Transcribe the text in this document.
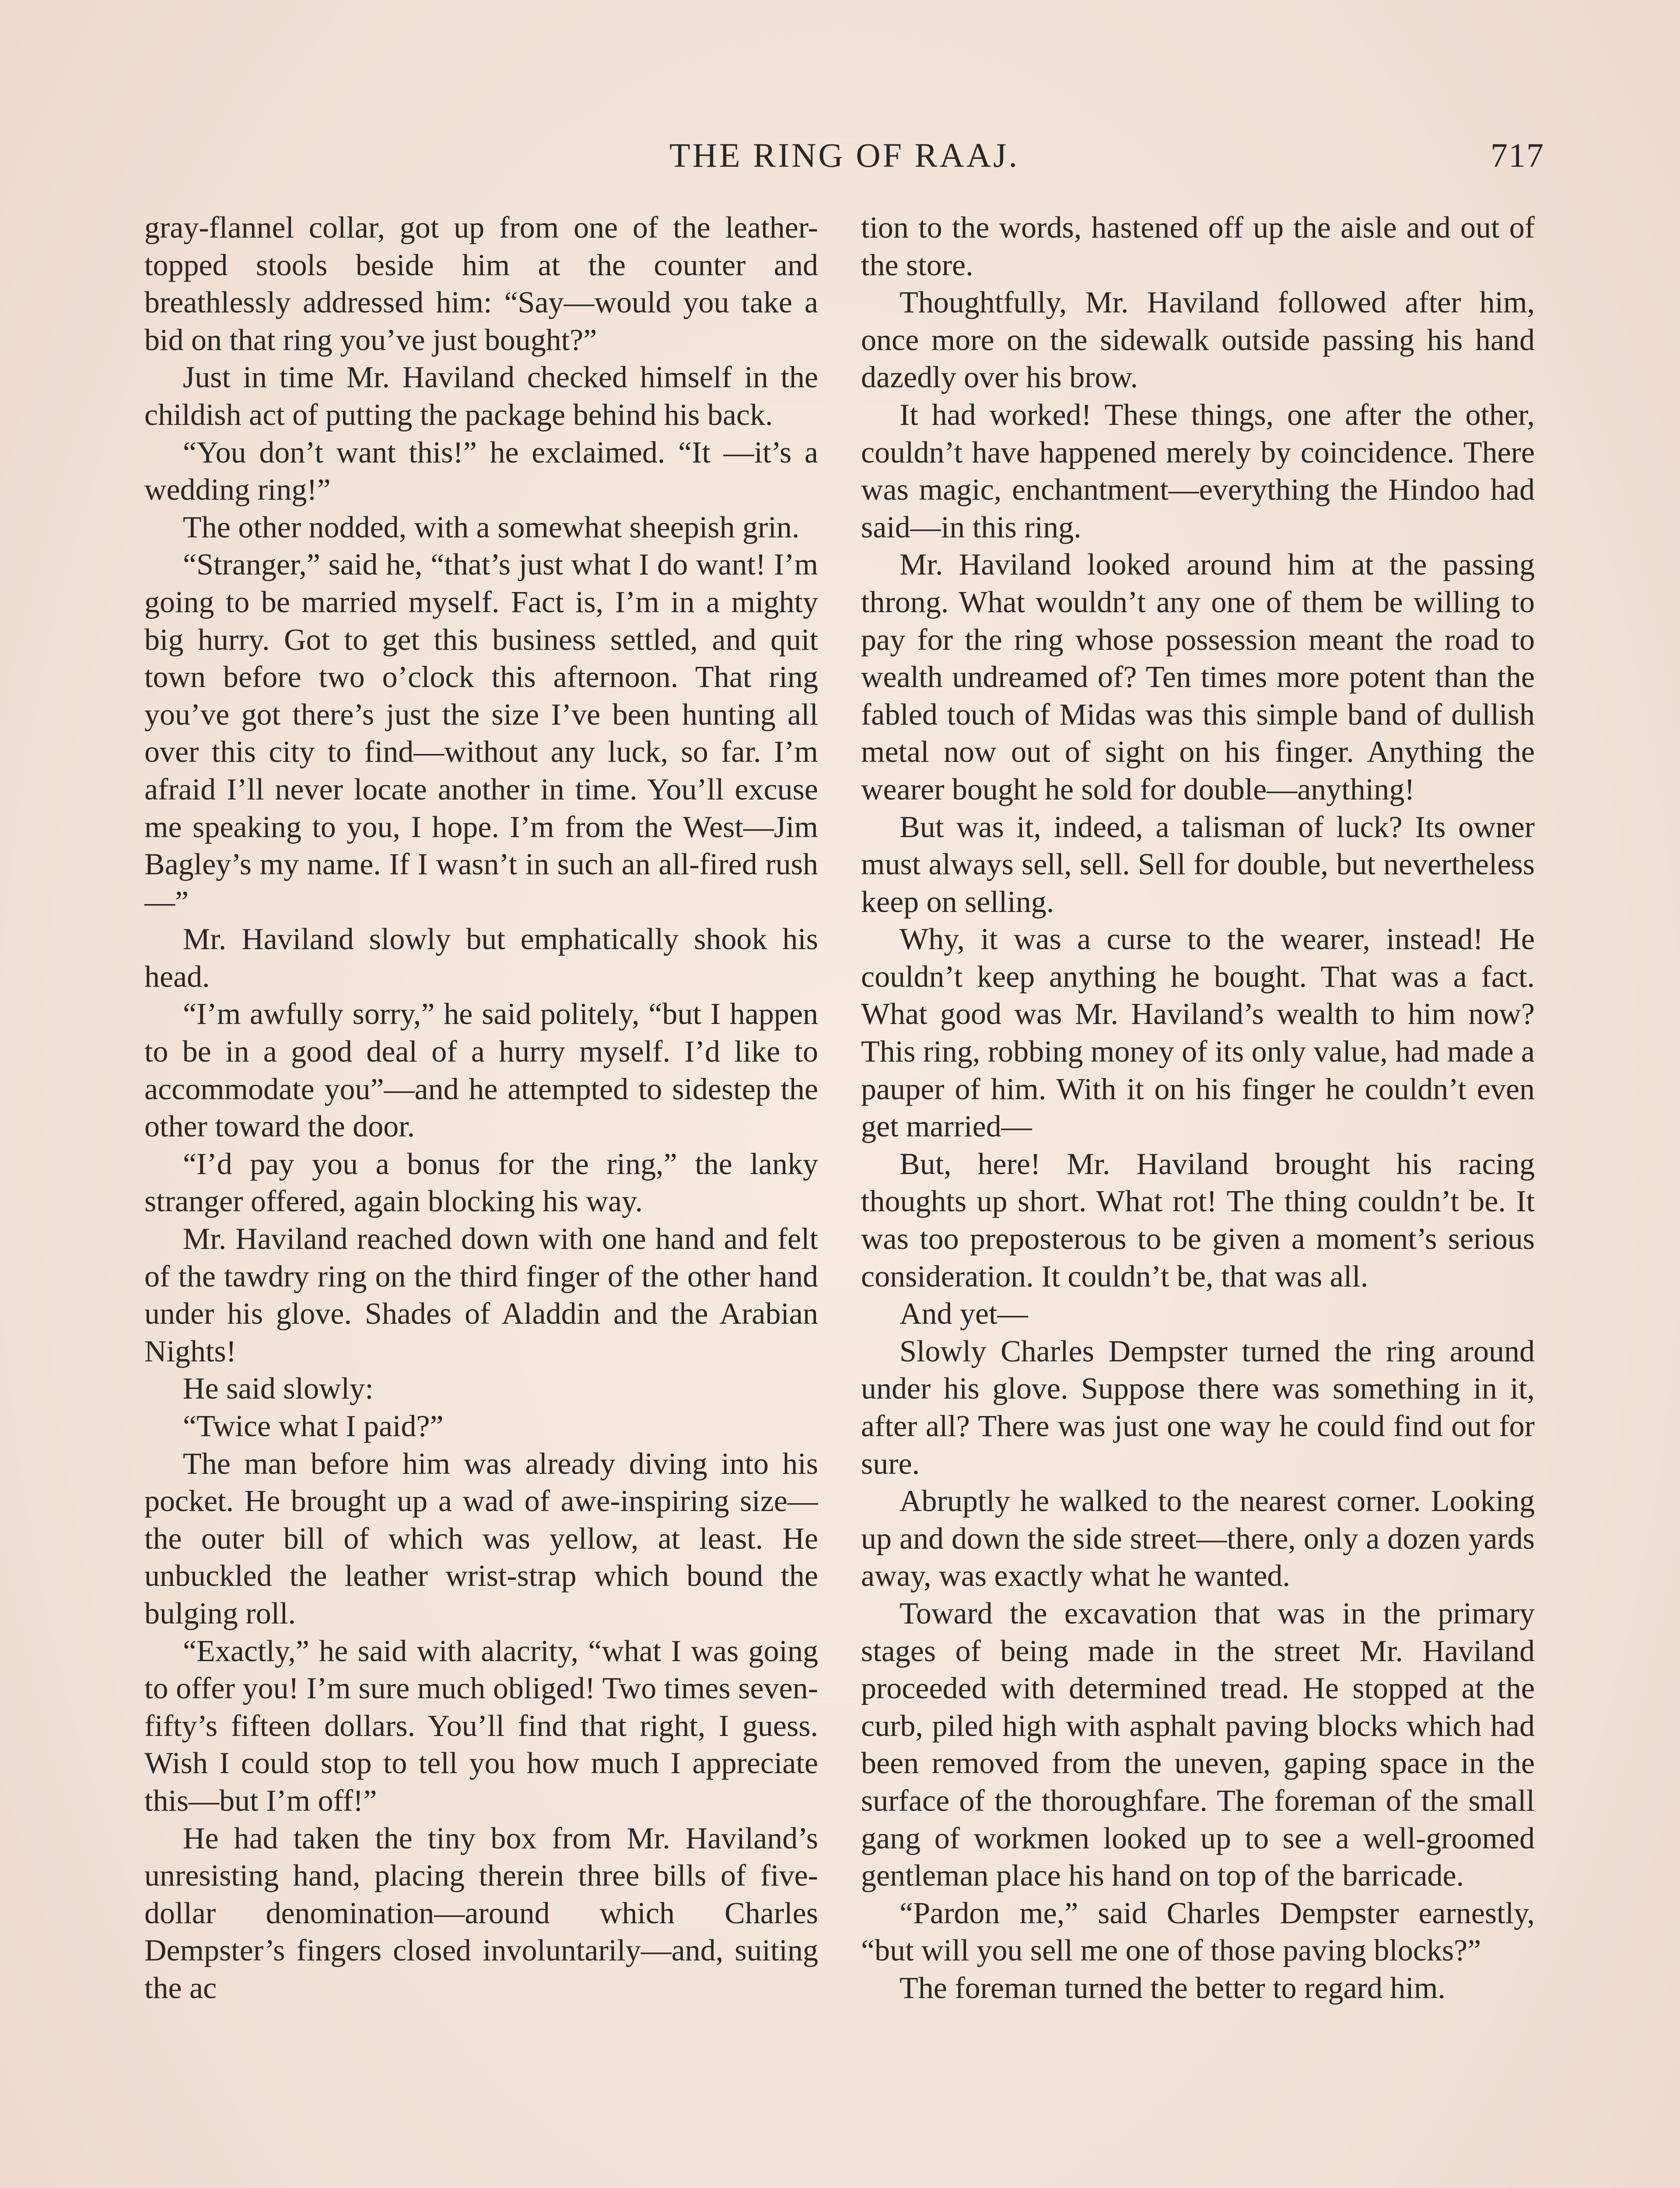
THE RING OF RAAJ.	717

gray-flannel collar, got up from one of the leather-topped stools beside him at the counter and breathlessly addressed him: “Say—would you take a bid on that ring you’ve just bought?”

Just in time Mr. Haviland checked himself in the childish act of putting the package behind his back.

“You don’t want this!” he exclaimed. “It —it’s a wedding ring!”

The other nodded, with a somewhat sheepish grin.

“Stranger,” said he, “that’s just what I do want! I’m going to be married myself. Fact is, I’m in a mighty big hurry. Got to get this business settled, and quit town before two o’clock this afternoon. That ring you’ve got there’s just the size I’ve been hunting all over this city to find—without any luck, so far. I’m afraid I’ll never locate another in time. You’ll excuse me speaking to you, I hope. I’m from the West—Jim Bagley’s my name. If I wasn’t in such an all-fired rush—”

Mr. Haviland slowly but emphatically shook his head.

“I’m awfully sorry,” he said politely, “but I happen to be in a good deal of a hurry myself. I’d like to accommodate you”—and he attempted to sidestep the other toward the door.

“I’d pay you a bonus for the ring,” the lanky stranger offered, again blocking his way.

Mr. Haviland reached down with one hand and felt of the tawdry ring on the third finger of the other hand under his glove. Shades of Aladdin and the Arabian Nights!

He said slowly:

“Twice what I paid?”

The man before him was already diving into his pocket. He brought up a wad of awe-inspiring size—the outer bill of which was yellow, at least. He unbuckled the leather wrist-strap which bound the bulging roll.

“Exactly,” he said with alacrity, “what I was going to offer you! I’m sure much obliged! Two times seven-fifty’s fifteen dollars. You’ll find that right, I guess. Wish I could stop to tell you how much I appreciate this—but I’m off!”

He had taken the tiny box from Mr. Haviland’s unresisting hand, placing therein three bills of five-dollar denomination—around which Charles Dempster’s fingers closed involuntarily—and, suiting the ac

tion to the words, hastened off up the aisle and out of the store.

Thoughtfully, Mr. Haviland followed after him, once more on the sidewalk outside passing his hand dazedly over his brow.

It had worked! These things, one after the other, couldn’t have happened merely by coincidence. There was magic, enchantment—everything the Hindoo had said—in this ring.

Mr. Haviland looked around him at the passing throng. What wouldn’t any one of them be willing to pay for the ring whose possession meant the road to wealth undreamed of? Ten times more potent than the fabled touch of Midas was this simple band of dullish metal now out of sight on his finger. Anything the wearer bought he sold for double—anything!

But was it, indeed, a talisman of luck? Its owner must always sell, sell. Sell for double, but nevertheless keep on selling.

Why, it was a curse to the wearer, instead! He couldn’t keep anything he bought. That was a fact. What good was Mr. Haviland’s wealth to him now? This ring, robbing money of its only value, had made a pauper of him. With it on his finger he couldn’t even get married—

But, here! Mr. Haviland brought his racing thoughts up short. What rot! The thing couldn’t be. It was too preposterous to be given a moment’s serious consideration. It couldn’t be, that was all.

And yet—

Slowly Charles Dempster turned the ring around under his glove. Suppose there was something in it, after all? There was just one way he could find out for sure.

Abruptly he walked to the nearest corner. Looking up and down the side street—there, only a dozen yards away, was exactly what he wanted.

Toward the excavation that was in the primary stages of being made in the street Mr. Haviland proceeded with determined tread. He stopped at the curb, piled high with asphalt paving blocks which had been removed from the uneven, gaping space in the surface of the thoroughfare. The foreman of the small gang of workmen looked up to see a well-groomed gentleman place his hand on top of the barricade.

“Pardon me,” said Charles Dempster earnestly, “but will you sell me one of those paving blocks?”

The foreman turned the better to regard him.
